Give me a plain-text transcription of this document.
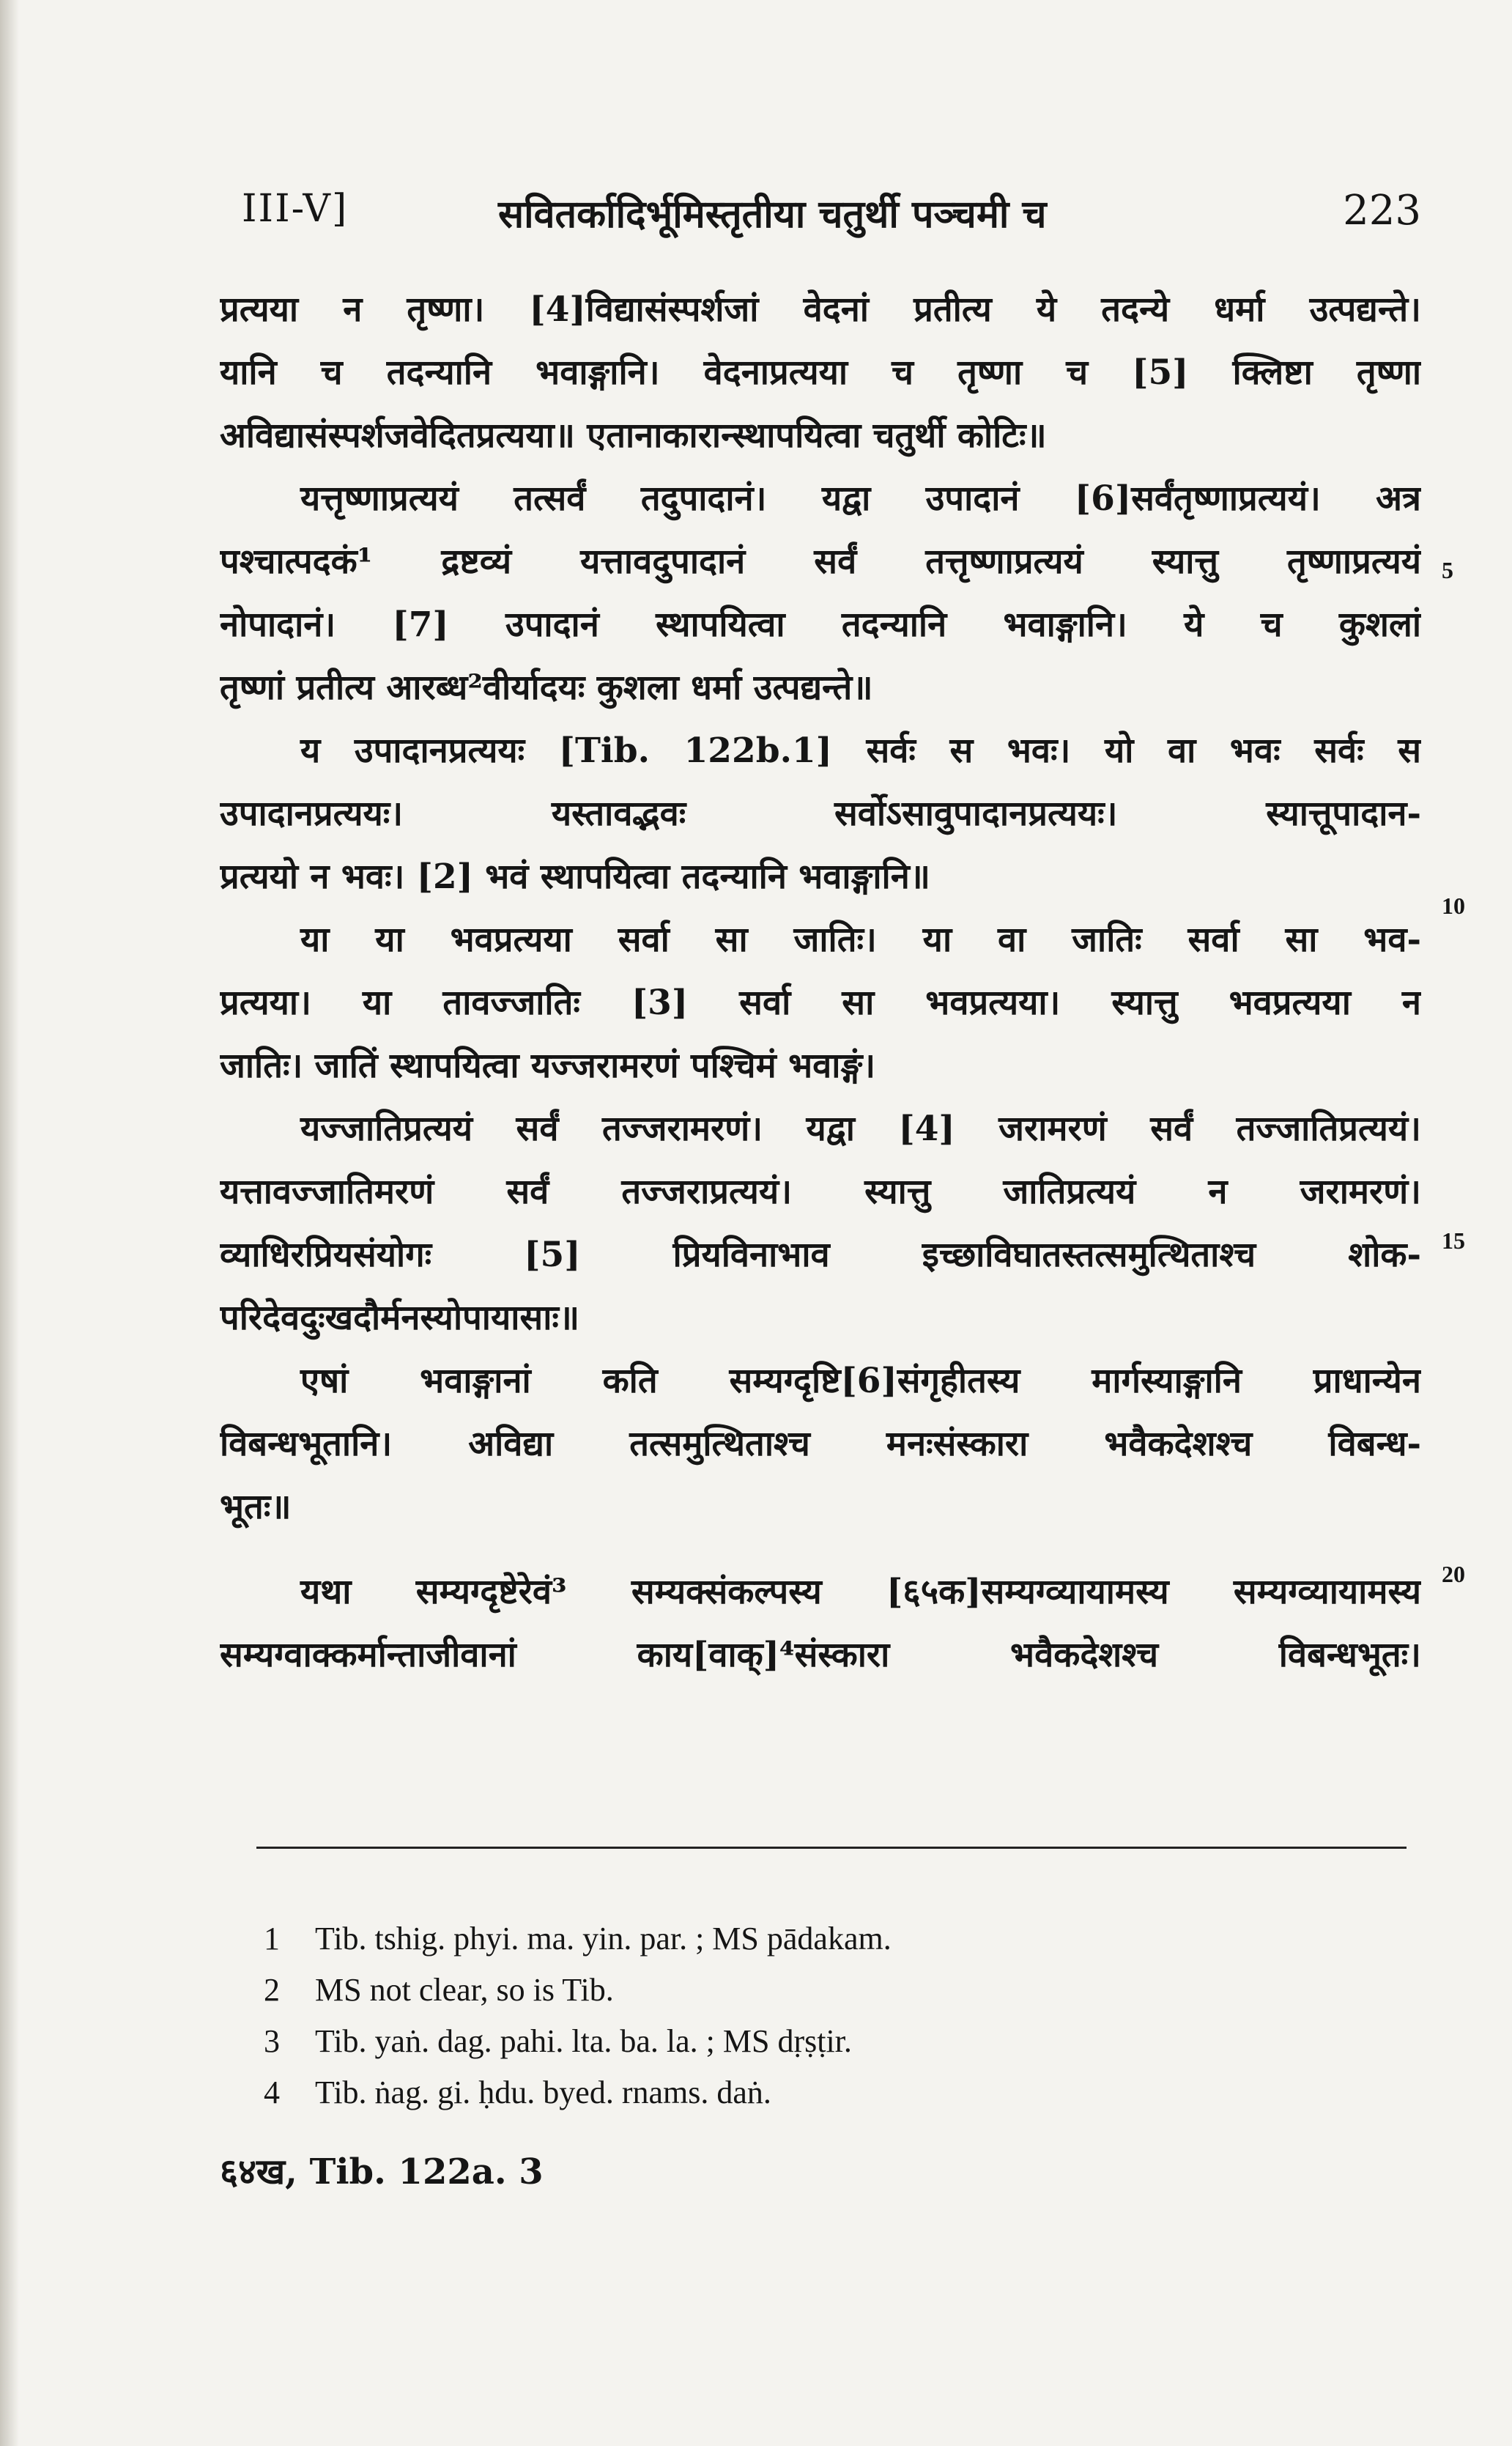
III-V]	सवितर्कादिर्भूमिस्तृतीया चतुर्थी पञ्चमी च	223
प्रत्यया न तृष्णा। [4]विद्यासंस्पर्शजां वेदनां प्रतीत्य ये तदन्ये धर्मा उत्पद्यन्ते।
यानि च तदन्यानि भवाङ्गानि। वेदनाप्रत्यया च तृष्णा च [5] क्लिष्टा तृष्णा
अविद्यासंस्पर्शजवेदितप्रत्यया॥ एतानाकारान्स्थापयित्वा चतुर्थी कोटिः॥
यत्तृष्णाप्रत्ययं तत्सर्वं तदुपादानं। यद्वा उपादानं [6]सर्वंतृष्णाप्रत्ययं। अत्र
पश्चात्पदकं¹ द्रष्टव्यं यत्तावदुपादानं सर्वं तत्तृष्णाप्रत्ययं स्यात्तु तृष्णाप्रत्ययं
नोपादानं। [7] उपादानं स्थापयित्वा तदन्यानि भवाङ्गानि। ये च कुशलां
तृष्णां प्रतीत्य आरब्ध²वीर्यादयः कुशला धर्मा उत्पद्यन्ते॥
य उपादानप्रत्ययः [Tib. 122b.1] सर्वः स भवः। यो वा भवः सर्वः स
उपादानप्रत्ययः। यस्तावद्भवः सर्वोऽसावुपादानप्रत्ययः। स्यात्तूपादान-
प्रत्ययो न भवः। [2] भवं स्थापयित्वा तदन्यानि भवाङ्गानि॥
या या भवप्रत्यया सर्वा सा जातिः। या वा जातिः सर्वा सा भव-
प्रत्यया। या तावज्जातिः [3] सर्वा सा भवप्रत्यया। स्यात्तु भवप्रत्यया न
जातिः। जातिं स्थापयित्वा यज्जरामरणं पश्चिमं भवाङ्गं।
यज्जातिप्रत्ययं सर्वं तज्जरामरणं। यद्वा [4] जरामरणं सर्वं तज्जातिप्रत्ययं।
यत्तावज्जातिमरणं सर्वं तज्जराप्रत्ययं। स्यात्तु जातिप्रत्ययं न जरामरणं।
व्याधिरप्रियसंयोगः [5] प्रियविनाभाव इच्छाविघातस्तत्समुत्थिताश्च शोक-
परिदेवदुःखदौर्मनस्योपायासाः॥
एषां भवाङ्गानां कति सम्यग्दृष्टि[6]संगृहीतस्य मार्गस्याङ्गानि प्राधान्येन
विबन्धभूतानि। अविद्या तत्समुत्थिताश्च मनःसंस्कारा भवैकदेशश्च विबन्ध-
भूतः॥
यथा सम्यग्दृष्टेरेवं³ सम्यक्संकल्पस्य [६५क]सम्यग्व्यायामस्य सम्यग्व्यायामस्य
सम्यग्वाक्कर्मान्ताजीवानां काय[वाक्]⁴संस्कारा भवैकदेशश्च विबन्धभूतः।
5
10
15
20
1 Tib. tshig. phyi. ma. yin. par. ; MS pādakam.
2 MS not clear, so is Tib.
3 Tib. yaṅ. dag. pahi. lta. ba. la. ; MS dṛṣṭir.
4 Tib. ṅag. gi. ḥdu. byed. rnams. daṅ.
६४ख, Tib. 122a. 3
